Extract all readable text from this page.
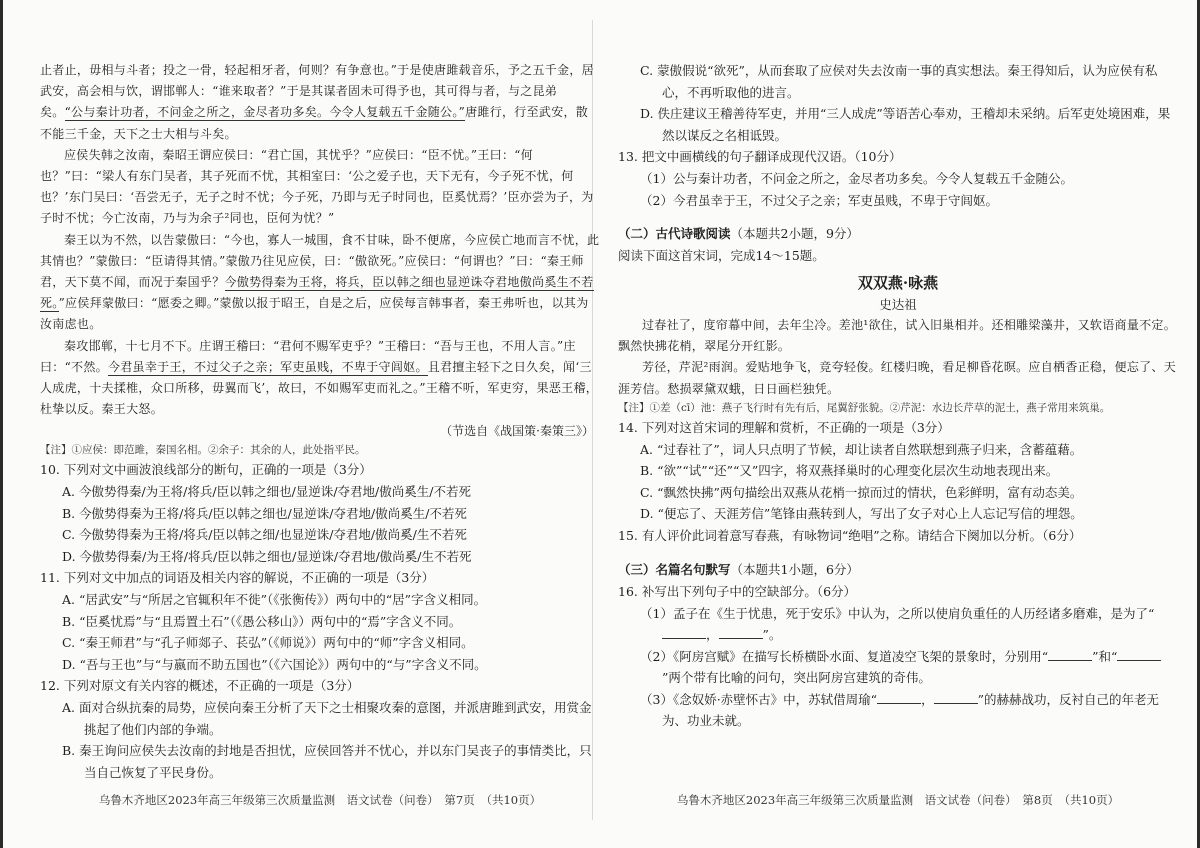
止者止，毋相与斗者；投之一骨，轻起相牙者，何则？有争意也。”于是使唐雎载音乐，予之五千金，居武安，高会相与饮，谓邯郸人：“谁来取者？”于是其谋者固未可得予也，其可得与者，与之昆弟矣。“公与秦计功者，不问金之所之，金尽者功多矣。今令人复载五千金随公。”唐雎行，行至武安，散不能三千金，天下之士大相与斗矣。

应侯失韩之汝南，秦昭王谓应侯曰：“君亡国，其忧乎？”应侯曰：“臣不忧。”王曰：“何也？”曰：“梁人有东门吴者，其子死而不忧，其相室曰：‘公之爱子也，天下无有，今子死不忧，何也？’东门吴曰：‘吾尝无子，无子之时不忧；今子死，乃即与无子时同也，臣奚忧焉？’臣亦尝为子，为子时不忧；今亡汝南，乃与为余子²同也，臣何为忧？”

秦王以为不然，以告蒙傲曰：“今也，寡人一城围，食不甘味，卧不便席，今应侯亡地而言不忧，此其情也？”蒙傲曰：“臣请得其情。”蒙傲乃往见应侯，曰：“傲欲死。”应侯曰：“何谓也？”曰：“秦王师君，天下莫不闻，而况于秦国乎？今傲势得秦为王将，将兵，臣以韩之细也显逆诛夺君地傲尚奚生不若死。”应侯拜蒙傲曰：“愿委之卿。”蒙傲以报于昭王，自是之后，应侯每言韩事者，秦王弗听也，以其为汝南虑也。

秦攻邯郸，十七月不下。庄谓王稽曰：“君何不赐军吏乎？”王稽曰：“吾与王也，不用人言。”庄曰：“不然。今君虽幸于王，不过父子之亲；军吏虽贱，不卑于守闾妪。且君擅主轻下之日久矣，闻‘三人成虎，十夫揉椎，众口所移，毋翼而飞’，故曰，不如赐军吏而礼之。”王稽不听，军吏穷，果恶王稽，杜挚以反。秦王大怒。

（节选自《战国策·秦策三》）

【注】①应侯：即范雎，秦国名相。②余子：其余的人，此处指平民。

10. 下列对文中画波浪线部分的断句，正确的一项是（3分）

A. 今傲势得秦/为王将/将兵/臣以韩之细也/显逆诛/夺君地/傲尚奚生/不若死

B. 今傲势得秦为王将/将兵/臣以韩之细也/显逆诛/夺君地/傲尚奚生/不若死

C. 今傲势得秦为王将/将兵/臣以韩之细/也显逆诛/夺君地/傲尚奚/生不若死

D. 今傲势得秦/为王将/将兵/臣以韩之细也/显逆诛/夺君地/傲尚奚/生不若死

11. 下列对文中加点的词语及相关内容的解说，不正确的一项是（3分）

A. “居武安”与“所居之官辄积年不徙”（《张衡传》）两句中的“居”字含义相同。

B. “臣奚忧焉”与“且焉置土石”（《愚公移山》）两句中的“焉”字含义不同。

C. “秦王师君”与“孔子师郯子、苌弘”（《师说》）两句中的“师”字含义相同。

D. “吾与王也”与“与嬴而不助五国也”（《六国论》）两句中的“与”字含义不同。

12. 下列对原文有关内容的概述，不正确的一项是（3分）

A. 面对合纵抗秦的局势，应侯向秦王分析了天下之士相聚攻秦的意图，并派唐雎到武安，用赏金挑起了他们内部的争端。

B. 秦王询问应侯失去汝南的封地是否担忧，应侯回答并不忧心，并以东门吴丧子的事情类比，只当自己恢复了平民身份。

乌鲁木齐地区2023年高三年级第三次质量监测　语文试卷（问卷）　第7页　（共10页）

C. 蒙傲假说“欲死”，从而套取了应侯对失去汝南一事的真实想法。秦王得知后，认为应侯有私心，不再听取他的进言。

D. 佚庄建议王稽善待军吏，并用“三人成虎”等语苦心奉劝，王稽却未采纳。后军吏处境困难，果然以谋反之名相诋毁。

13. 把文中画横线的句子翻译成现代汉语。（10分）

（1）公与秦计功者，不问金之所之，金尽者功多矣。今令人复载五千金随公。

（2）今君虽幸于王，不过父子之亲；军吏虽贱，不卑于守闾妪。

（二）古代诗歌阅读（本题共2小题，9分）

阅读下面这首宋词，完成14～15题。

双双燕·咏燕

史达祖

过春社了，度帘幕中间，去年尘冷。差池¹欲住，试入旧巢相并。还相雕梁藻井，又软语商量不定。飘然快拂花梢，翠尾分开红影。

芳径，芹泥²雨润。爱贴地争飞，竞夸轻俊。红楼归晚，看足柳昏花暝。应自栖香正稳，便忘了、天涯芳信。愁损翠黛双蛾，日日画栏独凭。

【注】①差（cī）池：燕子飞行时有先有后，尾翼舒张貌。②芹泥：水边长芹草的泥土，燕子常用来筑巢。

14. 下列对这首宋词的理解和赏析，不正确的一项是（3分）

A. “过春社了”，词人只点明了节候，却让读者自然联想到燕子归来，含蓄蕴藉。

B. “欲”“试”“还”“又”四字，将双燕择巢时的心理变化层次生动地表现出来。

C. “飘然快拂”两句描绘出双燕从花梢一掠而过的情状，色彩鲜明，富有动态美。

D. “便忘了、天涯芳信”笔锋由燕转到人，写出了女子对心上人忘记写信的埋怨。

15. 有人评价此词着意写春燕，有咏物词“绝唱”之称。请结合下阕加以分析。（6分）

（三）名篇名句默写（本题共1小题，6分）

16. 补写出下列句子中的空缺部分。（6分）

（1）孟子在《生于忧患，死于安乐》中认为，之所以使肩负重任的人历经诸多磨难，是为了“，	”。

（2）《阿房宫赋》在描写长桥横卧水面、复道凌空飞架的景象时，分别用“	”和“”两个带有比喻的问句，突出阿房宫建筑的奇伟。

（3）《念奴娇·赤壁怀古》中，苏轼借周瑜“	，	”的赫赫战功，反衬自己的年老无为、功业未就。

乌鲁木齐地区2023年高三年级第三次质量监测　语文试卷（问卷）　第8页　（共10页）
